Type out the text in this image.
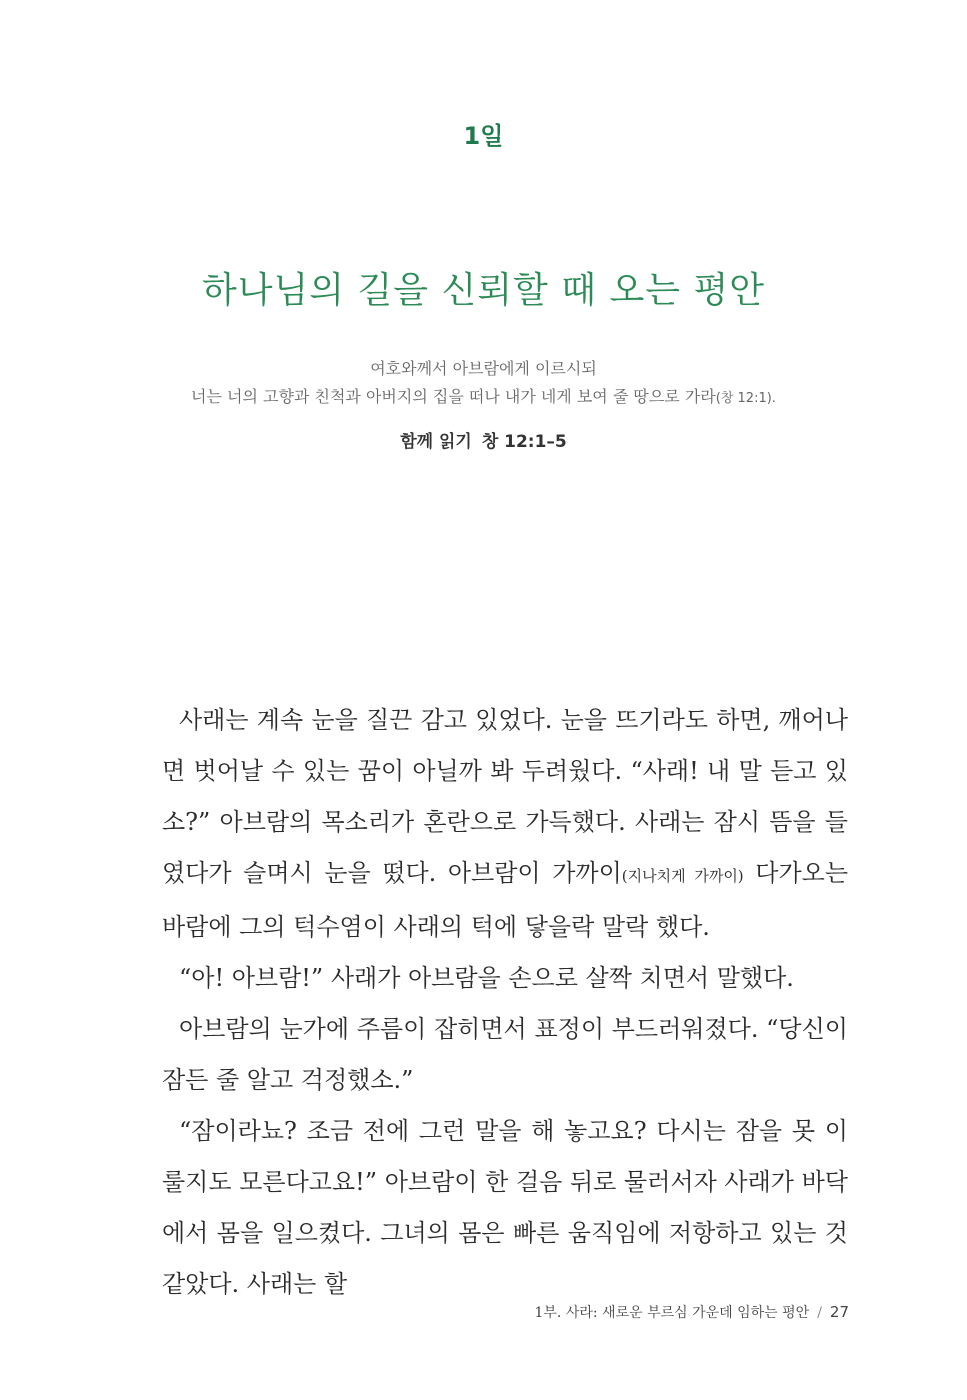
1일
하나님의 길을 신뢰할 때 오는 평안
여호와께서 아브람에게 이르시되
너는 너의 고향과 친척과 아버지의 집을 떠나 내가 네게 보여 줄 땅으로 가라(창 12:1).
함께 읽기 창 12:1–5

사래는 계속 눈을 질끈 감고 있었다. 눈을 뜨기라도 하면, 깨어나면 벗어날 수 있는 꿈이 아닐까 봐 두려웠다. “사래! 내 말 듣고 있소?” 아브람의 목소리가 혼란으로 가득했다. 사래는 잠시 뜸을 들였다가 슬며시 눈을 떴다. 아브람이 가까이(지나치게 가까이) 다가오는 바람에 그의 턱수염이 사래의 턱에 닿을락 말락 했다.

“아! 아브람!” 사래가 아브람을 손으로 살짝 치면서 말했다.

아브람의 눈가에 주름이 잡히면서 표정이 부드러워졌다. “당신이 잠든 줄 알고 걱정했소.”

“잠이라뇨? 조금 전에 그런 말을 해 놓고요? 다시는 잠을 못 이룰지도 모른다고요!” 아브람이 한 걸음 뒤로 물러서자 사래가 바닥에서 몸을 일으켰다. 그녀의 몸은 빠른 움직임에 저항하고 있는 것 같았다. 사래는 할

1부. 사라: 새로운 부르심 가운데 임하는 평안 / 27
